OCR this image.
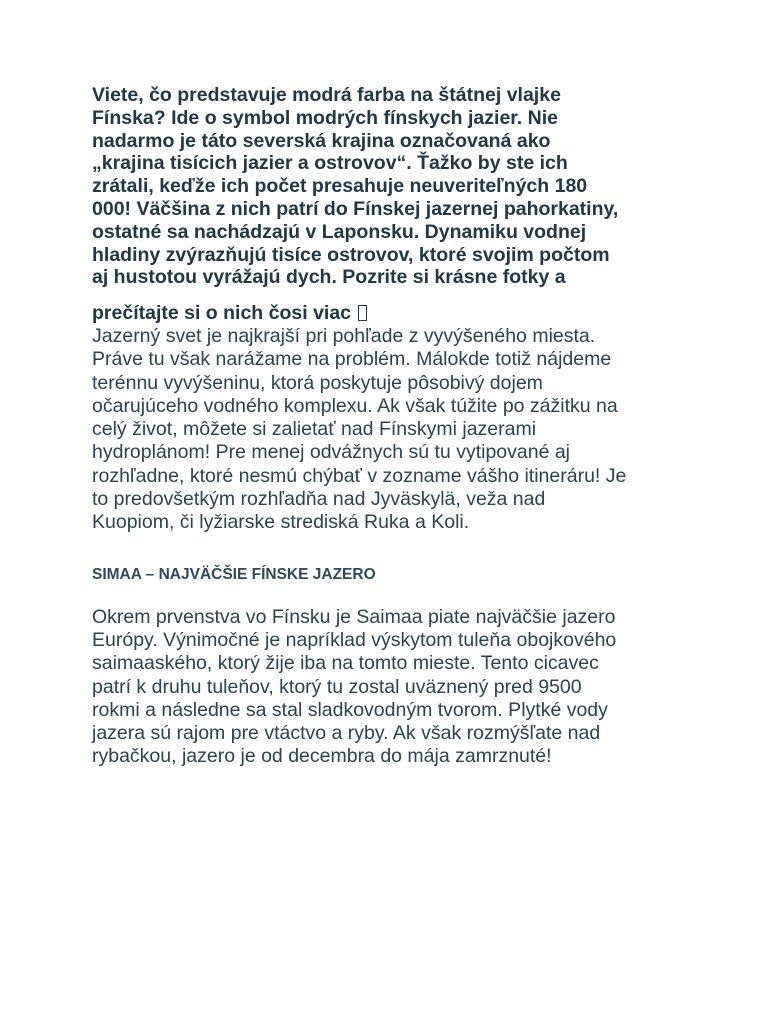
Viete, čo predstavuje modrá farba na štátnej vlajke
Fínska? Ide o symbol modrých fínskych jazier. Nie
nadarmo je táto severská krajina označovaná ako
„krajina tisícich jazier a ostrovov“. Ťažko by ste ich
zrátali, keďže ich počet presahuje neuveriteľných 180
000! Väčšina z nich patrí do Fínskej jazernej pahorkatiny,
ostatné sa nachádzajú v Laponsku. Dynamiku vodnej
hladiny zvýrazňujú tisíce ostrovov, ktoré svojim počtom
aj hustotou vyrážajú dych. Pozrite si krásne fotky a

prečítajte si o nich čosi viac

Jazerný svet je najkrajší pri pohľade z vyvýšeného miesta.
Práve tu však narážame na problém. Málokde totiž nájdeme
terénnu vyvýšeninu, ktorá poskytuje pôsobivý dojem
očarujúceho vodného komplexu. Ak však túžite po zážitku na
celý život, môžete si zalietať nad Fínskymi jazerami
hydroplánom! Pre menej odvážnych sú tu vytipované aj
rozhľadne, ktoré nesmú chýbať v zozname vášho itineráru! Je
to predovšetkým rozhľadňa nad Jyväskylä, veža nad
Kuopiom, či lyžiarske strediská Ruka a Koli.

SIMAA – NAJVÄČŠIE FÍNSKE JAZERO

Okrem prvenstva vo Fínsku je Saimaa piate najväčšie jazero
Európy. Výnimočné je napríklad výskytom tuleňa obojkového
saimaaského, ktorý žije iba na tomto mieste. Tento cicavec
patrí k druhu tuleňov, ktorý tu zostal uväznený pred 9500
rokmi a následne sa stal sladkovodným tvorom. Plytké vody
jazera sú rajom pre vtáctvo a ryby. Ak však rozmýšľate nad
rybačkou, jazero je od decembra do mája zamrznuté!
